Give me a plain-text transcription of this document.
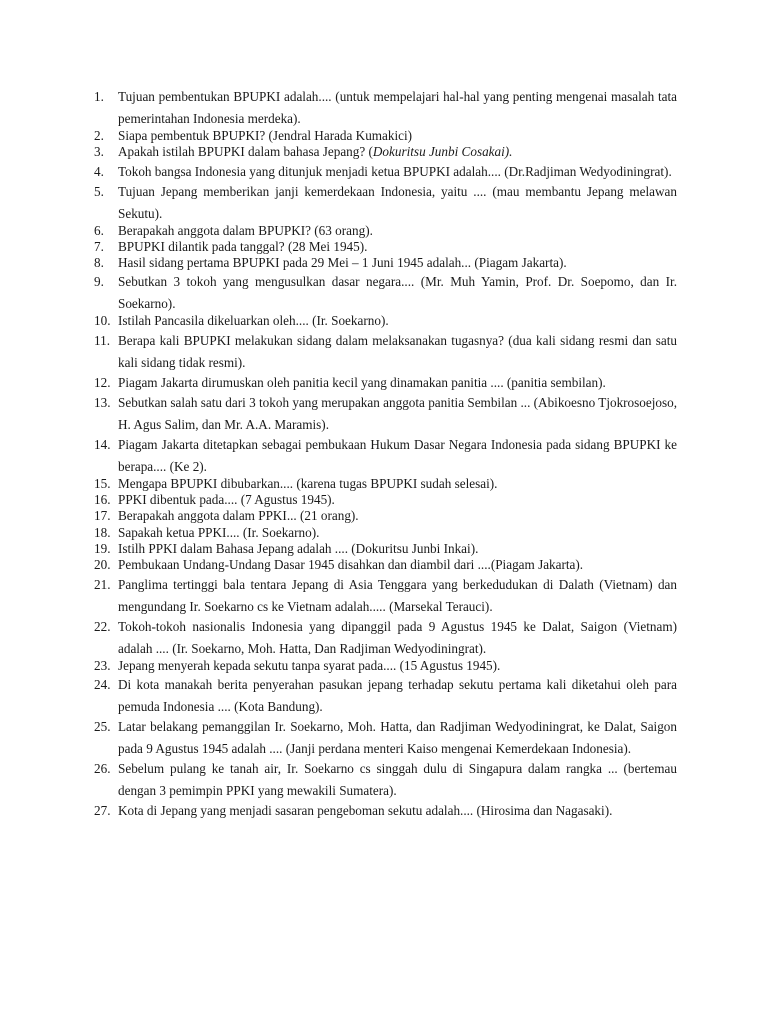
1.	Tujuan pembentukan BPUPKI adalah.... (untuk mempelajari hal-hal yang penting mengenai masalah tata pemerintahan Indonesia merdeka).
2.	Siapa pembentuk BPUPKI? (Jendral Harada Kumakici)
3.	Apakah istilah BPUPKI dalam bahasa Jepang? (Dokuritsu Junbi Cosakai).
4.	Tokoh bangsa Indonesia yang ditunjuk menjadi ketua BPUPKI adalah.... (Dr.Radjiman Wedyodiningrat).
5.	Tujuan Jepang memberikan janji kemerdekaan Indonesia, yaitu .... (mau membantu Jepang melawan Sekutu).
6.	Berapakah anggota dalam BPUPKI? (63 orang).
7.	BPUPKI dilantik pada tanggal? (28 Mei 1945).
8.	Hasil sidang pertama BPUPKI pada 29 Mei – 1 Juni 1945 adalah... (Piagam Jakarta).
9.	Sebutkan 3 tokoh yang mengusulkan dasar negara.... (Mr. Muh Yamin, Prof. Dr. Soepomo, dan Ir. Soekarno).
10. Istilah Pancasila dikeluarkan oleh.... (Ir. Soekarno).
11. Berapa kali BPUPKI melakukan sidang dalam melaksanakan tugasnya? (dua kali sidang resmi dan satu kali sidang tidak resmi).
12. Piagam Jakarta dirumuskan oleh panitia kecil yang dinamakan panitia .... (panitia sembilan).
13. Sebutkan salah satu dari 3 tokoh yang merupakan anggota panitia Sembilan ... (Abikoesno Tjokrosoejoso, H. Agus Salim, dan Mr. A.A. Maramis).
14. Piagam Jakarta ditetapkan sebagai pembukaan Hukum Dasar Negara Indonesia pada sidang BPUPKI ke berapa.... (Ke 2).
15. Mengapa BPUPKI dibubarkan.... (karena tugas BPUPKI sudah selesai).
16. PPKI dibentuk pada.... (7 Agustus 1945).
17. Berapakah anggota dalam PPKI... (21 orang).
18. Sapakah ketua PPKI.... (Ir. Soekarno).
19. Istilh PPKI dalam Bahasa Jepang adalah .... (Dokuritsu Junbi Inkai).
20. Pembukaan Undang-Undang Dasar 1945 disahkan dan diambil dari ....(Piagam Jakarta).
21. Panglima tertinggi bala tentara Jepang di Asia Tenggara yang berkedudukan di Dalath (Vietnam) dan mengundang Ir. Soekarno cs ke Vietnam adalah..... (Marsekal Terauci).
22. Tokoh-tokoh nasionalis Indonesia yang dipanggil pada 9 Agustus 1945 ke Dalat, Saigon (Vietnam) adalah .... (Ir. Soekarno, Moh. Hatta, Dan Radjiman Wedyodiningrat).
23. Jepang menyerah kepada sekutu tanpa syarat pada.... (15 Agustus 1945).
24. Di kota manakah berita penyerahan pasukan jepang terhadap sekutu pertama kali diketahui oleh para pemuda Indonesia .... (Kota Bandung).
25. Latar belakang pemanggilan Ir. Soekarno, Moh. Hatta, dan Radjiman Wedyodiningrat, ke Dalat, Saigon pada 9 Agustus 1945 adalah .... (Janji perdana menteri Kaiso mengenai Kemerdekaan Indonesia).
26. Sebelum pulang ke tanah air, Ir. Soekarno cs singgah dulu di Singapura dalam rangka ... (bertemau dengan 3 pemimpin PPKI yang mewakili Sumatera).
27. Kota di Jepang yang menjadi sasaran pengeboman sekutu adalah.... (Hirosima dan Nagasaki).
